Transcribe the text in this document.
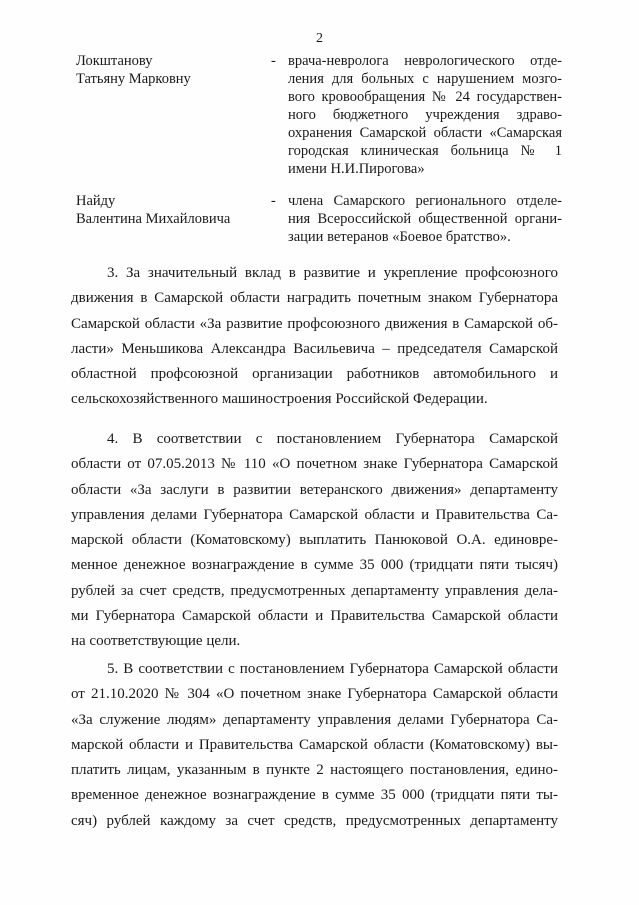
2
Локштанову
Татьяну Марковну
- врача-невролога неврологического отде-
ления для больных с нарушением мозго-
вого кровообращения № 24 государствен-
ного бюджетного учреждения здраво-
охранения Самарской области «Самарская
городская клиническая больница № 1
имени Н.И.Пирогова»
Найду
Валентина Михайловича
- члена Самарского регионального отделе-
ния Всероссийской общественной органи-
зации ветеранов «Боевое братство».
3. За значительный вклад в развитие и укрепление профсоюзного
движения в Самарской области наградить почетным знаком Губернатора
Самарской области «За развитие профсоюзного движения в Самарской об-
ласти» Меньшикова Александра Васильевича – председателя Самарской
областной профсоюзной организации работников автомобильного и
сельскохозяйственного машиностроения Российской Федерации.
4. В соответствии с постановлением Губернатора Самарской
области от 07.05.2013 № 110 «О почетном знаке Губернатора Самарской
области «За заслуги в развитии ветеранского движения» департаменту
управления делами Губернатора Самарской области и Правительства Са-
марской области (Коматовскому) выплатить Панюковой О.А. единовре-
менное денежное вознаграждение в сумме 35 000 (тридцати пяти тысяч)
рублей за счет средств, предусмотренных департаменту управления дела-
ми Губернатора Самарской области и Правительства Самарской области
на соответствующие цели.
5. В соответствии с постановлением Губернатора Самарской области
от 21.10.2020 № 304 «О почетном знаке Губернатора Самарской области
«За служение людям» департаменту управления делами Губернатора Са-
марской области и Правительства Самарской области (Коматовскому) вы-
платить лицам, указанным в пункте 2 настоящего постановления, едино-
временное денежное вознаграждение в сумме 35 000 (тридцати пяти ты-
сяч) рублей каждому за счет средств, предусмотренных департаменту
